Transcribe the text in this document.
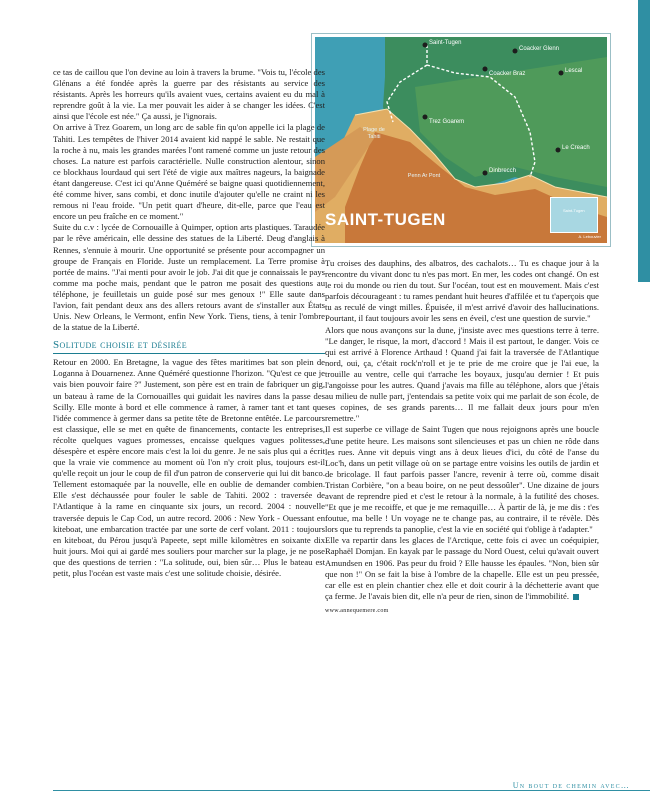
Saint-Tugen
Coacker Glenn
Coacker Braz	Lescal
Trez Goarem
Le Creach
Dinbrecch
Plage de Tahiti
Penn Ar Pont
SAINT-TUGEN	Saint-Tugen
A. Lebouvier

ce tas de caillou que l'on devine au loin à travers la brume. "Vois tu, l'école des Glénans a été fondée après la guerre par des résistants au service des résistants. Après les horreurs qu'ils avaient vues, certains avaient eu du mal à reprendre goût à la vie. La mer pouvait les aider à se changer les idées. C'est ainsi que l'école est née." Ça aussi, je l'ignorais.

On arrive à Trez Goarem, un long arc de sable fin qu'on appelle ici la plage de Tahiti. Les tempêtes de l'hiver 2014 avaient kid nappé le sable. Ne restait que la roche à nu, mais les grandes marées l'ont ramené comme un juste retour des choses. La nature est parfois caractérielle. Nulle construction alentour, sinon ce blockhaus lourdaud qui sert l'été de vigie aux maîtres nageurs, la baignade étant dangereuse. C'est ici qu'Anne Quéméré se baigne quasi quotidiennement, été comme hiver, sans combi, et donc inutile d'ajouter qu'elle ne craint ni les remous ni l'eau froide. "Un petit quart d'heure, dit-elle, parce que l'eau est encore un peu fraîche en ce moment."

Suite du c.v : lycée de Cornouaille à Quimper, option arts plastiques. Taraudée par le rêve américain, elle dessine des statues de la Liberté. Deug d'anglais à Rennes, s'ennuie à mourir. Une opportunité se présente pour accompagner un groupe de Français en Floride. Juste un remplacement. La Terre promise à portée de mains. "J'ai menti pour avoir le job. J'ai dit que je connaissais le pays comme ma poche mais, pendant que le patron me posait des questions au téléphone, je feuilletais un guide posé sur mes genoux !" Elle saute dans l'avion, fait pendant deux ans des allers retours avant de s'installer aux États Unis. New Orleans, le Vermont, enfin New York. Tiens, tiens, à tenir l'ombre de la statue de la Liberté.

Solitude choisie et désirée

Retour en 2000. En Bretagne, la vague des fêtes maritimes bat son plein de Loganna à Douarnenez. Anne Quéméré questionne l'horizon. "Qu'est ce que je vais bien pouvoir faire ?" Justement, son père est en train de fabriquer un gig, un bateau à rame de la Cornouailles qui guidait les navires dans la passe des Scilly. Elle monte à bord et elle commence à ramer, à ramer tant et tant que l'idée commence à germer dans sa petite tête de Bretonne entêtée. Le parcours est classique, elle se met en quête de financements, contacte les entreprises, récolte quelques vagues promesses, encaisse quelques vagues politesses, désespère et espère encore mais c'est la loi du genre. Je ne sais plus qui a écrit que la vraie vie commence au moment où l'on n'y croit plus, toujours est-il qu'elle reçoit un jour le coup de fil d'un patron de conserverie qui lui dit banco. Tellement estomaquée par la nouvelle, elle en oublie de demander combien. Elle s'est déchaussée pour fouler le sable de Tahiti. 2002 : traversée de l'Atlantique à la rame en cinquante six jours, un record. 2004 : nouvelle traversée depuis le Cap Cod, un autre record. 2006 : New York - Ouessant en kiteboat, une embarcation tractée par une sorte de cerf volant. 2011 : toujours en kiteboat, du Pérou jusqu'à Papeete, sept mille kilomètres en soixante dix huit jours. Moi qui ai gardé mes souliers pour marcher sur la plage, je ne pose que des questions de terrien : "La solitude, oui, bien sûr… Plus le bateau est petit, plus l'océan est vaste mais c'est une solitude choisie, désirée.

Tu croises des dauphins, des albatros, des cachalots… Tu es chaque jour à la rencontre du vivant donc tu n'es pas mort. En mer, les codes ont changé. On est le roi du monde ou rien du tout. Sur l'océan, tout est en mouvement. Mais c'est parfois décourageant : tu rames pendant huit heures d'affilée et tu t'aperçois que tu as reculé de vingt milles. Épuisée, il m'est arrivé d'avoir des hallucinations. Pourtant, il faut toujours avoir les sens en éveil, c'est une question de survie."

Alors que nous avançons sur la dune, j'insiste avec mes questions terre à terre. "Le danger, le risque, la mort, d'accord ! Mais il est partout, le danger. Vois ce qui est arrivé à Florence Arthaud ! Quand j'ai fait la traversée de l'Atlantique nord, oui, ça, c'était rock'n'roll et je te prie de me croire que je l'ai eue, la trouille au ventre, celle qui t'arrache les boyaux, jusqu'au dernier ! Et puis l'angoisse pour les autres. Quand j'avais ma fille au téléphone, alors que j'étais au milieu de nulle part, j'entendais sa petite voix qui me parlait de son école, de ses copines, de ses grands parents… Il me fallait deux jours pour m'en remettre."

Il est superbe ce village de Saint Tugen que nous rejoignons après une boucle d'une petite heure. Les maisons sont silencieuses et pas un chien ne rôde dans les rues. Anne vit depuis vingt ans à deux lieues d'ici, du côté de l'anse du Loc'h, dans un petit village où on se partage entre voisins les outils de jardin et de bricolage. Il faut parfois passer l'ancre, revenir à terre où, comme disait Tristan Corbière, "on a beau boire, on ne peut dessoûler". Une dizaine de jours avant de reprendre pied et c'est le retour à la normale, à la futilité des choses. "Et que je me recoiffe, et que je me remaquille… À partir de là, je me dis : t'es foutue, ma belle ! Un voyage ne te change pas, au contraire, il te révèle. Dès lors que tu reprends ta panoplie, c'est la vie en société qui t'oblige à t'adapter."

Elle va repartir dans les glaces de l'Arctique, cette fois ci avec un coéquipier, Raphaël Domjan. En kayak par le passage du Nord Ouest, celui qu'avait ouvert Amundsen en 1906. Pas peur du froid ? Elle hausse les épaules. "Non, bien sûr que non !" On se fait la bise à l'ombre de la chapelle. Elle est un peu pressée, car elle est en plein chantier chez elle et doit courir à la déchetterie avant que ça ferme. Je l'avais bien dit, elle n'a peur de rien, sinon de l'immobilité.

www.annequemere.com
Un bout de chemin avec…
